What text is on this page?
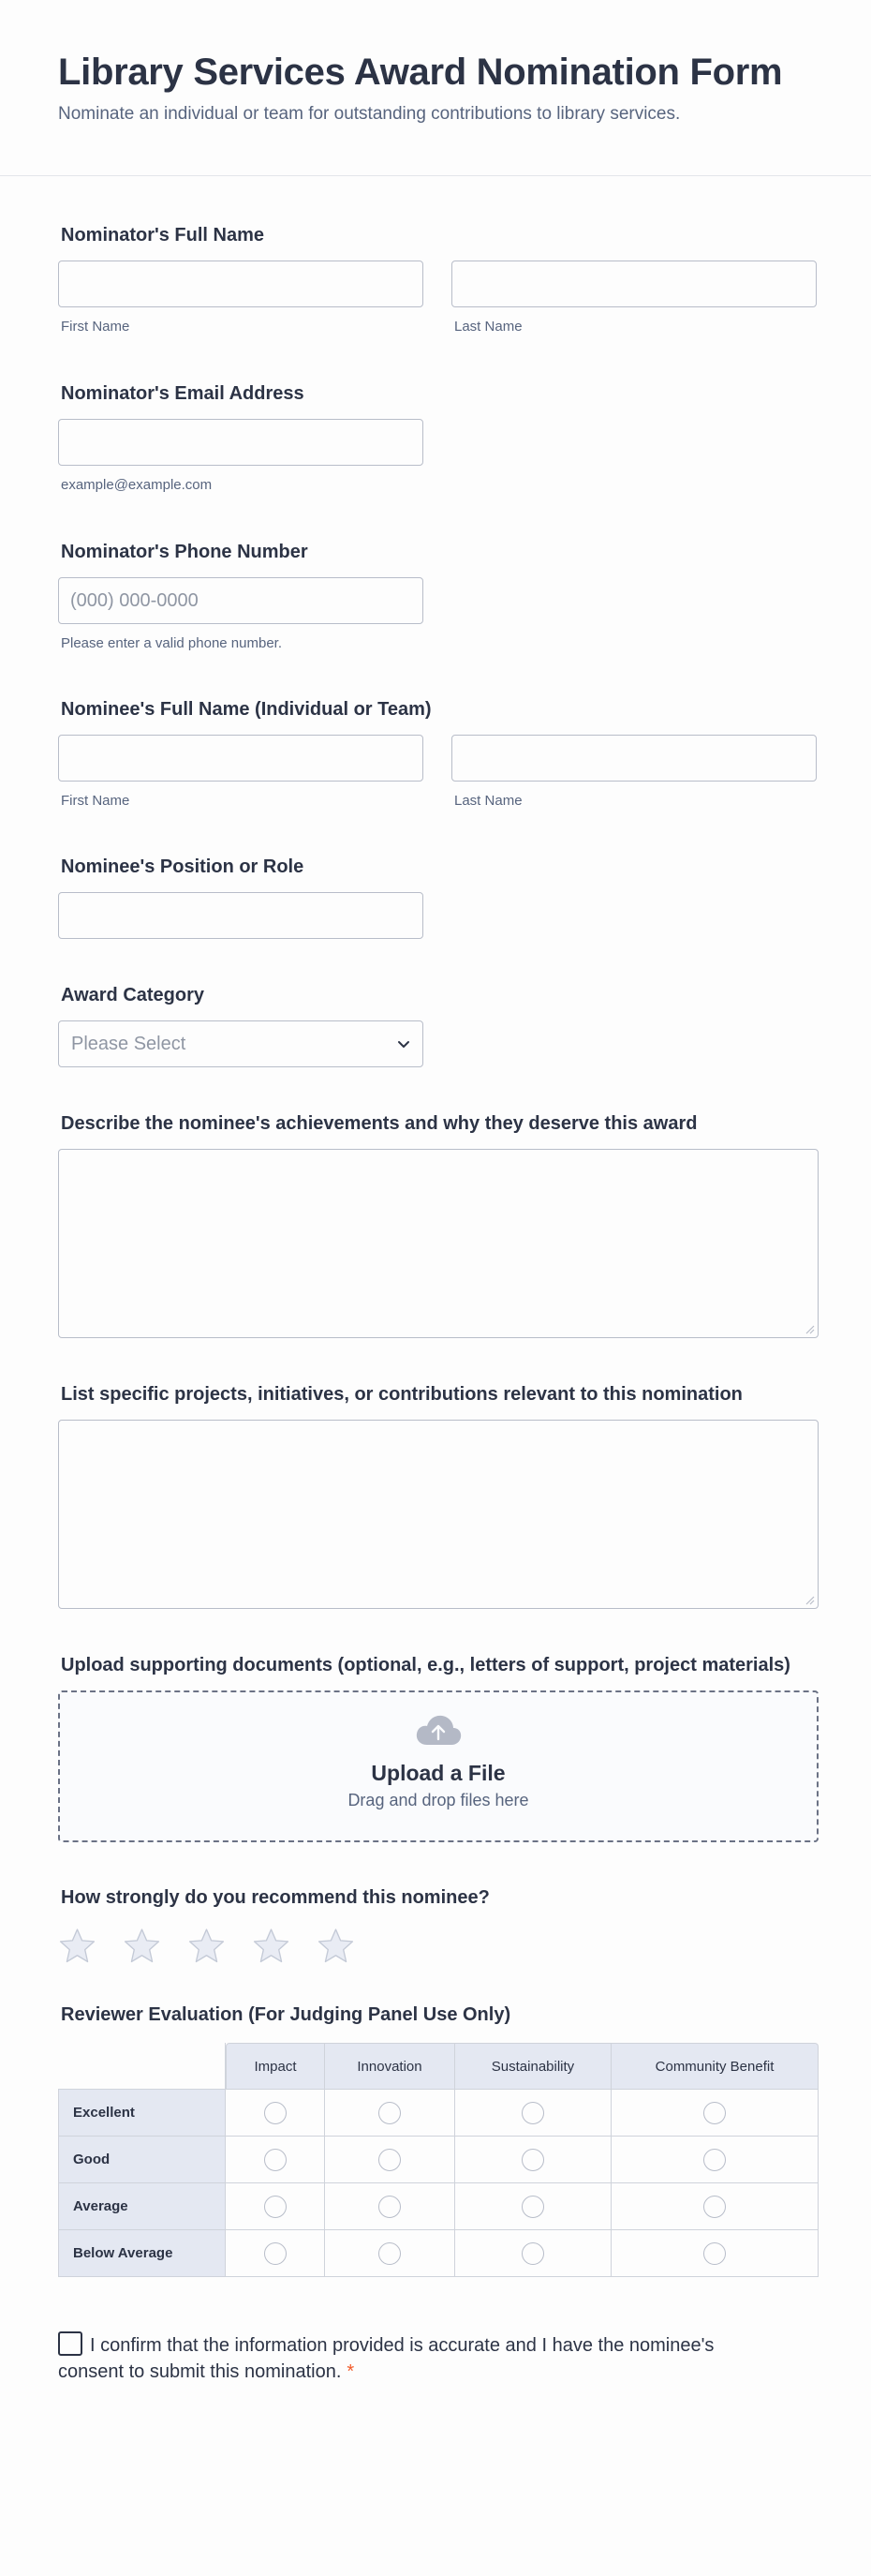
Library Services Award Nomination Form

Nominate an individual or team for outstanding contributions to library services.

Nominator's Full Name
First Name	Last Name
Nominator's Email Address
example@example.com
Nominator's Phone Number
(000) 000-0000
Please enter a valid phone number.
Nominee's Full Name (Individual or Team)
First Name	Last Name
Nominee's Position or Role
Award Category
Please Select
Describe the nominee's achievements and why they deserve this award
List specific projects, initiatives, or contributions relevant to this nomination
Upload supporting documents (optional, e.g., letters of support, project materials)
Upload a File
Drag and drop files here
How strongly do you recommend this nominee?
Reviewer Evaluation (For Judging Panel Use Only)
	Impact	Innovation	Sustainability	Community Benefit
Excellent				
Good				
Average				
Below Average				
I confirm that the information provided is accurate and I have the nominee's consent to submit this nomination. *
